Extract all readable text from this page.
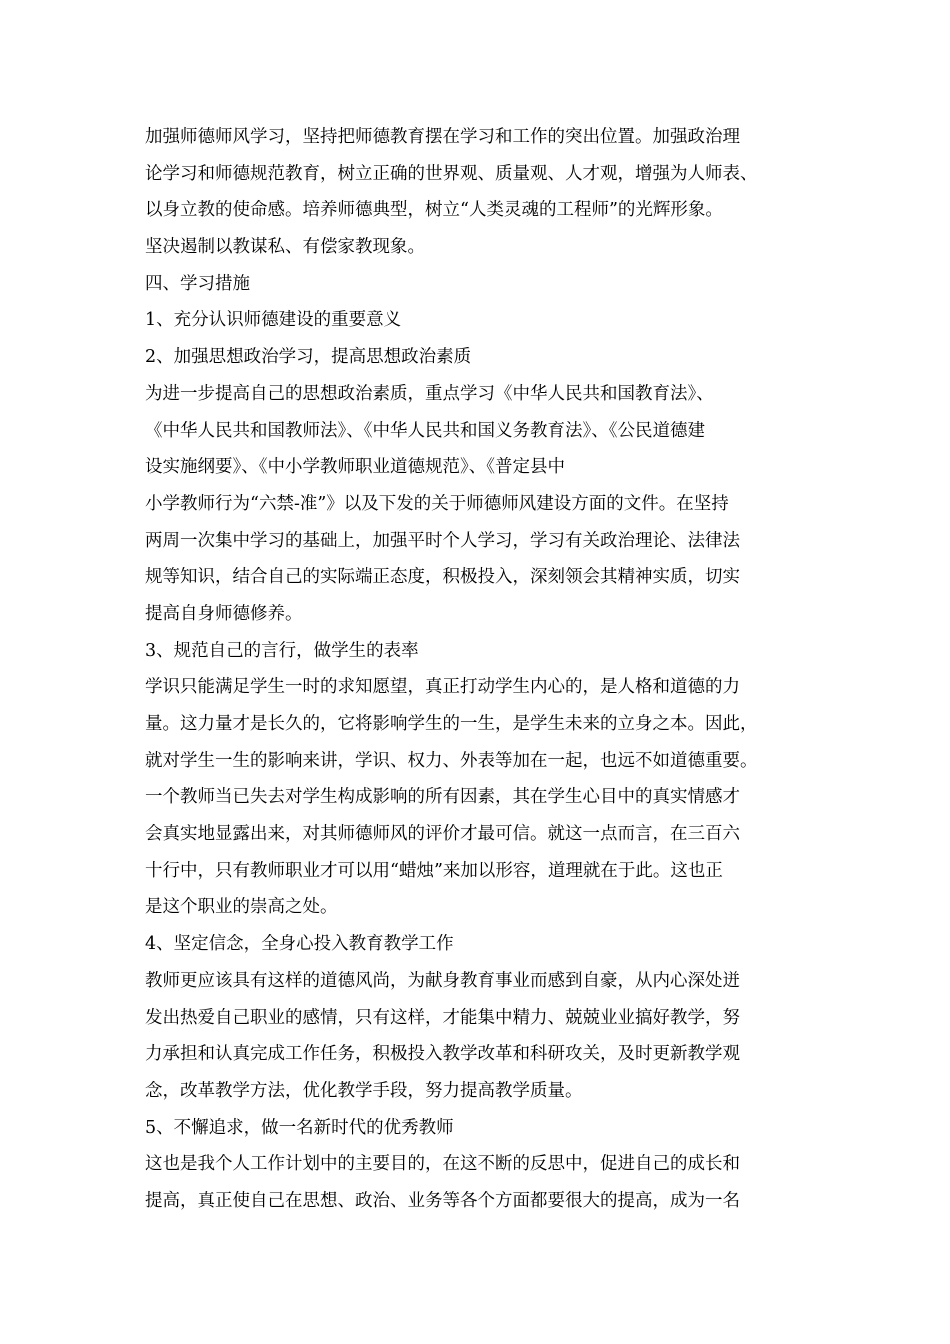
加强师德师风学习，坚持把师德教育摆在学习和工作的突出位置。加强政治理
论学习和师德规范教育，树立正确的世界观、质量观、人才观，增强为人师表、
以身立教的使命感。培养师德典型，树立“人类灵魂的工程师”的光辉形象。
坚决遏制以教谋私、有偿家教现象。
四、学习措施
1、充分认识师德建设的重要意义
2、加强思想政治学习，提高思想政治素质
为进一步提高自己的思想政治素质，重点学习《中华人民共和国教育法》、
《中华人民共和国教师法》、《中华人民共和国义务教育法》、《公民道德建
设实施纲要》、《中小学教师职业道德规范》、《普定县中
小学教师行为“六禁-准”》以及下发的关于师德师风建设方面的文件。在坚持
两周一次集中学习的基础上，加强平时个人学习，学习有关政治理论、法律法
规等知识，结合自己的实际端正态度，积极投入，深刻领会其精神实质，切实
提高自身师德修养。
3、规范自己的言行，做学生的表率
学识只能满足学生一时的求知愿望，真正打动学生内心的，是人格和道德的力
量。这力量才是长久的，它将影响学生的一生，是学生未来的立身之本。因此，
就对学生一生的影响来讲，学识、权力、外表等加在一起，也远不如道德重要。
一个教师当已失去对学生构成影响的所有因素，其在学生心目中的真实情感才
会真实地显露出来，对其师德师风的评价才最可信。就这一点而言，在三百六
十行中，只有教师职业才可以用“蜡烛”来加以形容，道理就在于此。这也正
是这个职业的崇高之处。
4、坚定信念，全身心投入教育教学工作
教师更应该具有这样的道德风尚，为献身教育事业而感到自豪，从内心深处迸
发出热爱自己职业的感情，只有这样，才能集中精力、兢兢业业搞好教学，努
力承担和认真完成工作任务，积极投入教学改革和科研攻关，及时更新教学观
念，改革教学方法，优化教学手段，努力提高教学质量。
5、不懈追求，做一名新时代的优秀教师
这也是我个人工作计划中的主要目的，在这不断的反思中，促进自己的成长和
提高，真正使自己在思想、政治、业务等各个方面都要很大的提高，成为一名
